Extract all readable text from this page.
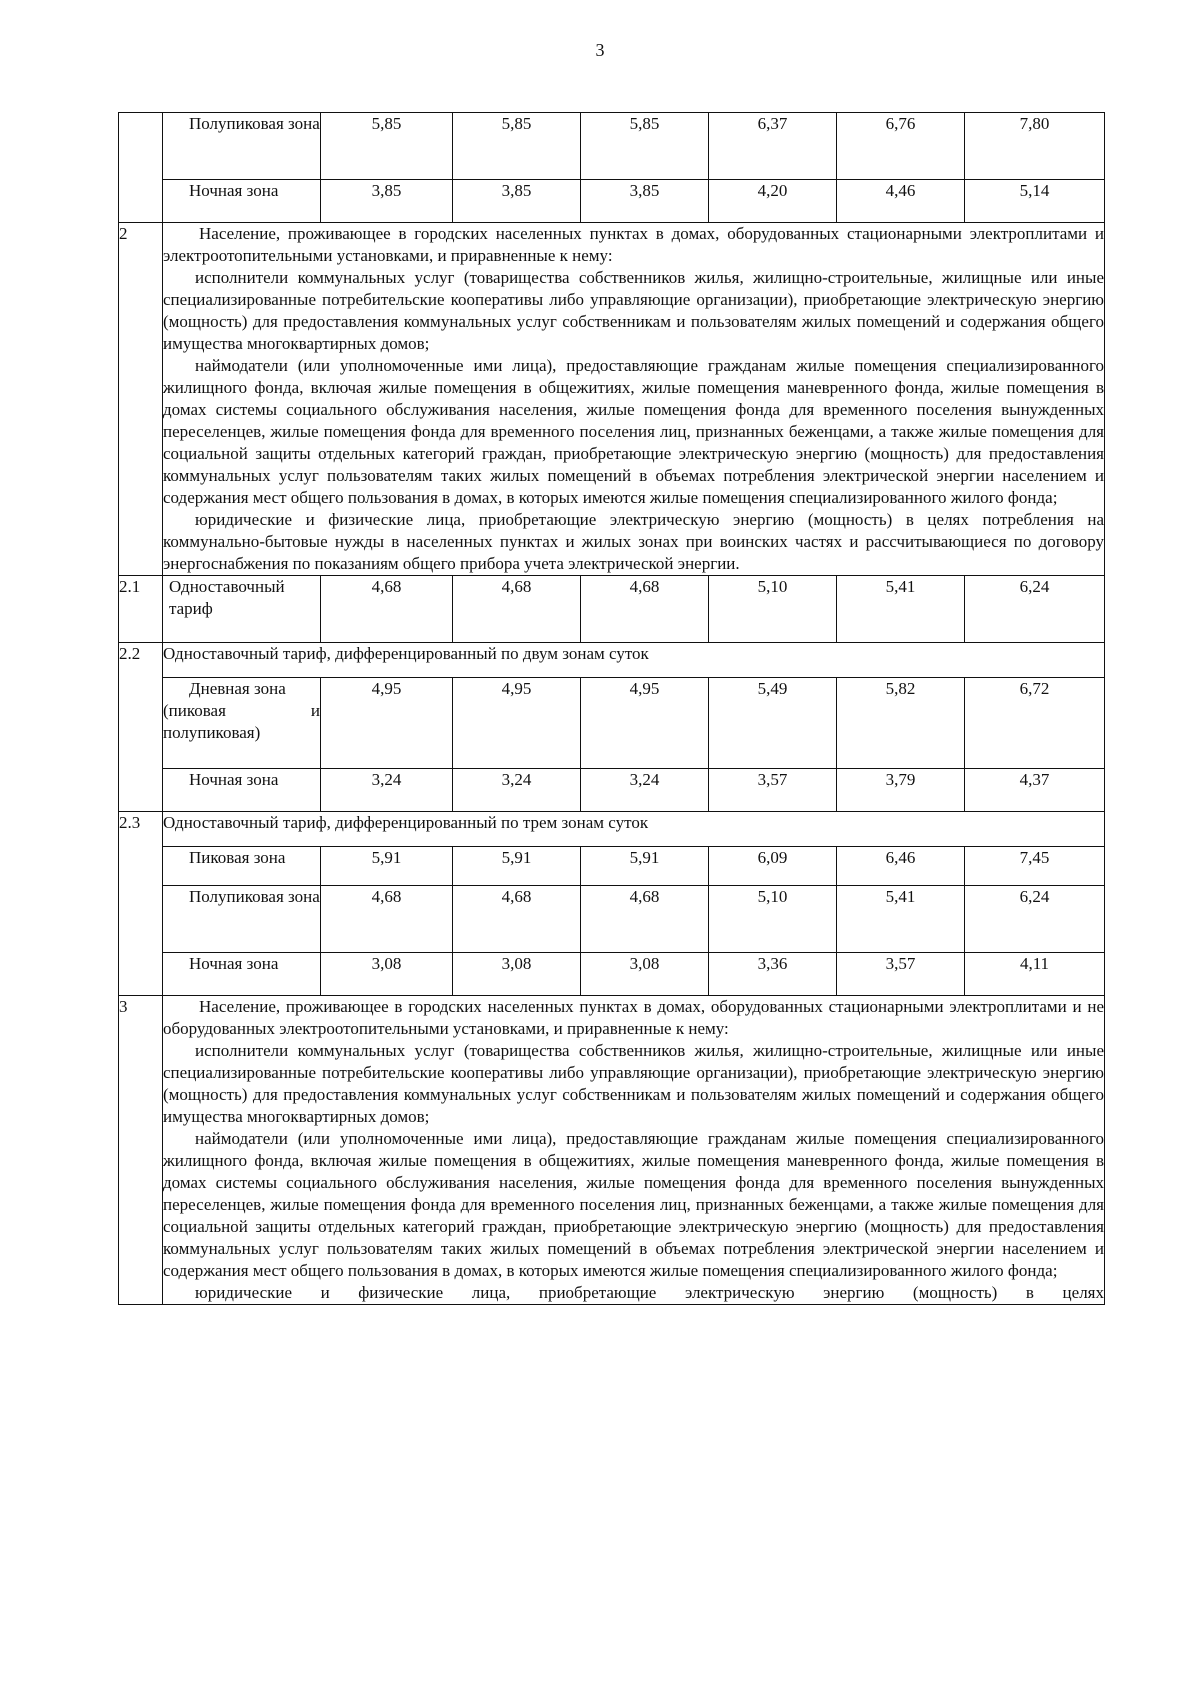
3

	Полупиковая зона	5,85	5,85	5,85	6,37	6,76	7,80

	Ночная зона	3,85	3,85	3,85	4,20	4,46	5,14
2	Население, проживающее в городских населенных пунктах в домах, оборудованных стационарными электроплитами и электроотопительными установками, и приравненные к нему:

исполнители коммунальных услуг (товарищества собственников жилья, жилищно-строительные, жилищные или иные специализированные потребительские кооперативы либо управляющие организации), приобретающие электрическую энергию (мощность) для предоставления коммунальных услуг собственникам и пользователям жилых помещений и содержания общего имущества многоквартирных домов;

наймодатели (или уполномоченные ими лица), предоставляющие гражданам жилые помещения специализированного жилищного фонда, включая жилые помещения в общежитиях, жилые помещения маневренного фонда, жилые помещения в домах системы социального обслуживания населения, жилые помещения фонда для временного поселения вынужденных переселенцев, жилые помещения фонда для временного поселения лиц, признанных беженцами, а также жилые помещения для социальной защиты отдельных категорий граждан, приобретающие электрическую энергию (мощность) для предоставления коммунальных услуг пользователям таких жилых помещений в объемах потребления электрической энергии населением и содержания мест общего пользования в домах, в которых имеются жилые помещения специализированного жилого фонда;

юридические и физические лица, приобретающие электрическую энергию (мощность) в целях потребления на коммунально-бытовые нужды в населенных пунктах и жилых зонах при воинских частях и рассчитывающиеся по договору энергоснабжения по показаниям общего прибора учета электрической энергии.						

2.1	Одноставочный тариф	4,68	4,68	4,68	5,10	5,41	6,24
2.2	Одноставочный тариф, дифференцированный по двум зонам суток						

	Дневная зона
(пиковая и
полупиковая)	4,95	4,95	4,95	5,49	5,82	6,72

	Ночная зона	3,24	3,24	3,24	3,57	3,79	4,37
2.3	Одноставочный тариф, дифференцированный по трем зонам суток						

	Пиковая зона	5,91	5,91	5,91	6,09	6,46	7,45

	Полупиковая зона	4,68	4,68	4,68	5,10	5,41	6,24

	Ночная зона	3,08	3,08	3,08	3,36	3,57	4,11
3	Население, проживающее в городских населенных пунктах в домах, оборудованных стационарными электроплитами и не оборудованных электроотопительными установками, и приравненные к нему:

исполнители коммунальных услуг (товарищества собственников жилья, жилищно-строительные, жилищные или иные специализированные потребительские кооперативы либо управляющие организации), приобретающие электрическую энергию (мощность) для предоставления коммунальных услуг собственникам и пользователям жилых помещений и содержания общего имущества многоквартирных домов;

наймодатели (или уполномоченные ими лица), предоставляющие гражданам жилые помещения специализированного жилищного фонда, включая жилые помещения в общежитиях, жилые помещения маневренного фонда, жилые помещения в домах системы социального обслуживания населения, жилые помещения фонда для временного поселения вынужденных переселенцев, жилые помещения фонда для временного поселения лиц, признанных беженцами, а также жилые помещения для социальной защиты отдельных категорий граждан, приобретающие электрическую энергию (мощность) для предоставления коммунальных услуг пользователям таких жилых помещений в объемах потребления электрической энергии населением и содержания мест общего пользования в домах, в которых имеются жилые помещения специализированного жилого фонда;

юридические и физические лица, приобретающие электрическую энергию (мощность) в целях						
